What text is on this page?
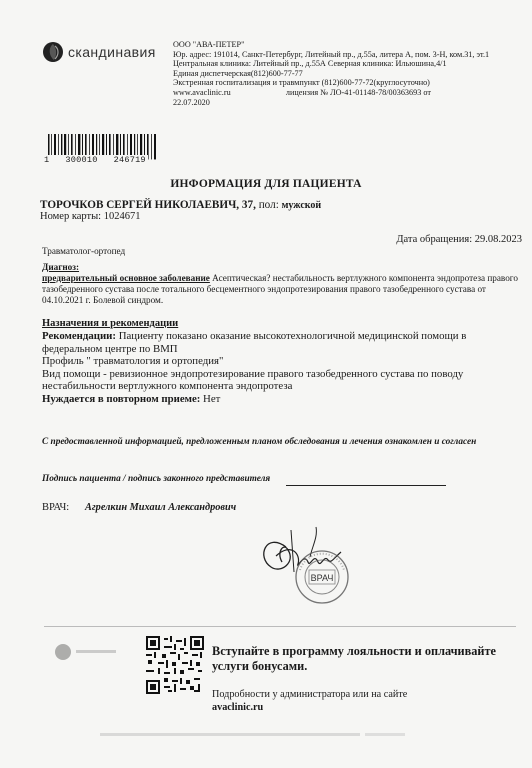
скандинавия ООО "АВА-ПЕТЕР"
Юр. адрес: 191014, Санкт-Петербург, Литейный пр., д.55а, литера А, пом. 3-Н, ком.31, эт.1
Центральная клиника: Литейный пр., д.55А Северная клиника: Ильюшина,4/1
Единая диспетчерская(812)600-77-77
Экстренная госпитализация и травмпункт (812)600-77-72(круглосуточно)
www.avaclinic.ru                           лицензия № ЛО-41-01148-78/00363693 от
22.07.2020
1   300010   246719
ИНФОРМАЦИЯ ДЛЯ ПАЦИЕНТА
ТОРОЧКОВ СЕРГЕЙ НИКОЛАЕВИЧ, 37, пол: мужской
Номер карты: 1024671
Дата обращения: 29.08.2023
Травматолог-ортопед
Диагноз:
предварительный основное заболевание Асептическая? нестабильность вертлужного компонента эндопротеза правого тазобедренного сустава после тотального бесцементного эндопротезирования правого тазобедренного сустава от 04.10.2021 г. Болевой синдром.
Назначения и рекомендации
Рекомендации: Пациенту показано оказание высокотехнологичной медицинской помощи в федеральном центре по ВМП
Профиль " травматология и ортопедия"
Вид помощи - ревизионное эндопротезирование правого тазобедренного сустава по поводу нестабильности вертлужного компонента эндопротеза
Нуждается в повторном приеме: Нет
С предоставленной информацией, предложенным планом обследования и лечения ознакомлен и согласен
Подпись пациента / подпись законного представителя
ВРАЧ: Агрелкин Михаил Александрович
ВРАЧ
Вступайте в программу лояльности и оплачивайте услуги бонусами.
Подробности у администратора или на сайте
avaclinic.ru
